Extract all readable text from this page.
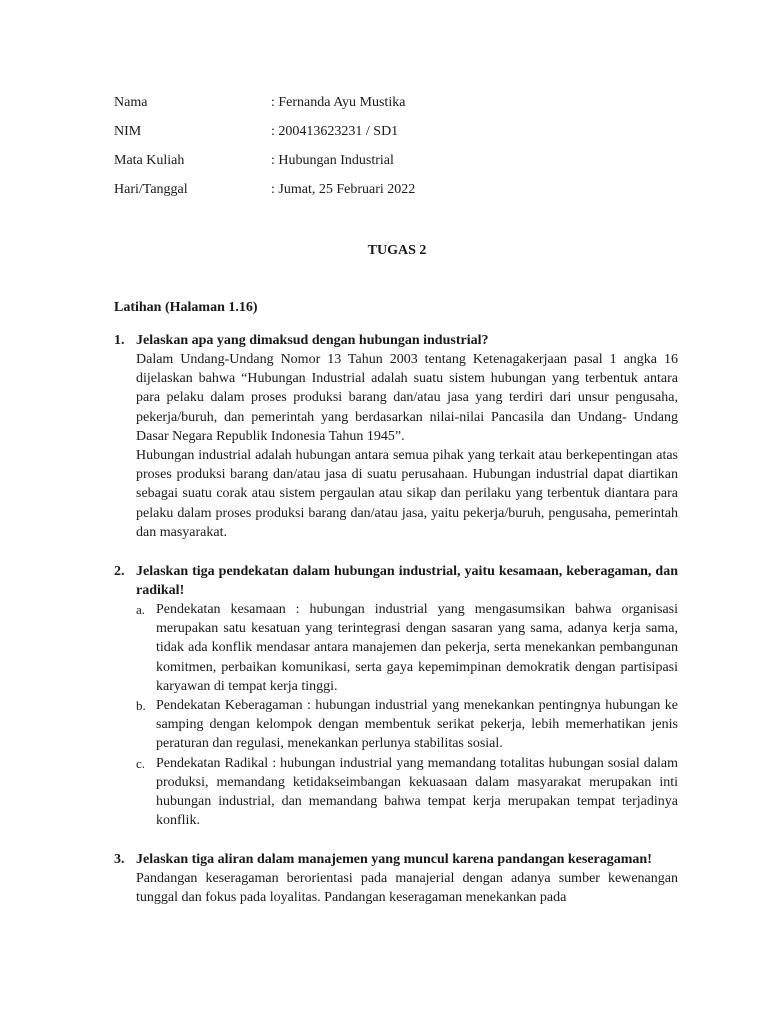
Nama	: Fernanda Ayu Mustika
NIM	: 200413623231 / SD1
Mata Kuliah	: Hubungan Industrial
Hari/Tanggal	: Jumat, 25 Februari 2022
TUGAS 2
Latihan (Halaman 1.16)
1. Jelaskan apa yang dimaksud dengan hubungan industrial?
Dalam Undang-Undang Nomor 13 Tahun 2003 tentang Ketenagakerjaan pasal 1 angka 16 dijelaskan bahwa “Hubungan Industrial adalah suatu sistem hubungan yang terbentuk antara para pelaku dalam proses produksi barang dan/atau jasa yang terdiri dari unsur pengusaha, pekerja/buruh, dan pemerintah yang berdasarkan nilai-nilai Pancasila dan Undang- Undang Dasar Negara Republik Indonesia Tahun 1945”.
Hubungan industrial adalah hubungan antara semua pihak yang terkait atau berkepentingan atas proses produksi barang dan/atau jasa di suatu perusahaan. Hubungan industrial dapat diartikan sebagai suatu corak atau sistem pergaulan atau sikap dan perilaku yang terbentuk diantara para pelaku dalam proses produksi barang dan/atau jasa, yaitu pekerja/buruh, pengusaha, pemerintah dan masyarakat.
2. Jelaskan tiga pendekatan dalam hubungan industrial, yaitu kesamaan, keberagaman, dan radikal!
a. Pendekatan kesamaan : hubungan industrial yang mengasumsikan bahwa organisasi merupakan satu kesatuan yang terintegrasi dengan sasaran yang sama, adanya kerja sama, tidak ada konflik mendasar antara manajemen dan pekerja, serta menekankan pembangunan komitmen, perbaikan komunikasi, serta gaya kepemimpinan demokratik dengan partisipasi karyawan di tempat kerja tinggi.
b. Pendekatan Keberagaman : hubungan industrial yang menekankan pentingnya hubungan ke samping dengan kelompok dengan membentuk serikat pekerja, lebih memerhatikan jenis peraturan dan regulasi, menekankan perlunya stabilitas sosial.
c. Pendekatan Radikal : hubungan industrial yang memandang totalitas hubungan sosial dalam produksi, memandang ketidakseimbangan kekuasaan dalam masyarakat merupakan inti hubungan industrial, dan memandang bahwa tempat kerja merupakan tempat terjadinya konflik.
3. Jelaskan tiga aliran dalam manajemen yang muncul karena pandangan keseragaman!
Pandangan keseragaman berorientasi pada manajerial dengan adanya sumber kewenangan tunggal dan fokus pada loyalitas. Pandangan keseragaman menekankan pada
